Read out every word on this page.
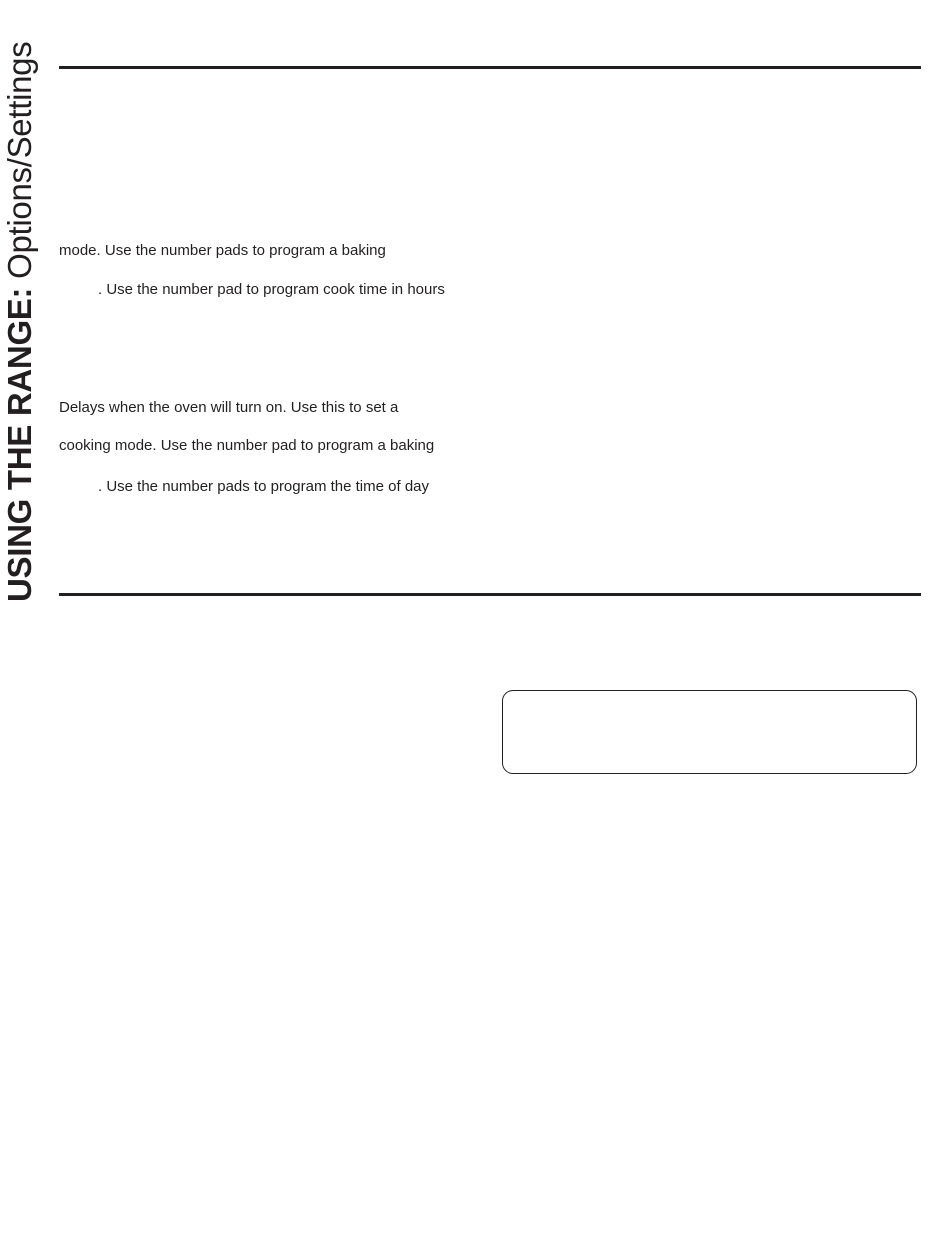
USING THE RANGE: Options/Settings mode. Use the number pads to program a baking
. Use the number pad to program cook time in hours
Delays when the oven will turn on. Use this to set a
cooking mode. Use the number pad to program a baking
. Use the number pads to program the time of day
